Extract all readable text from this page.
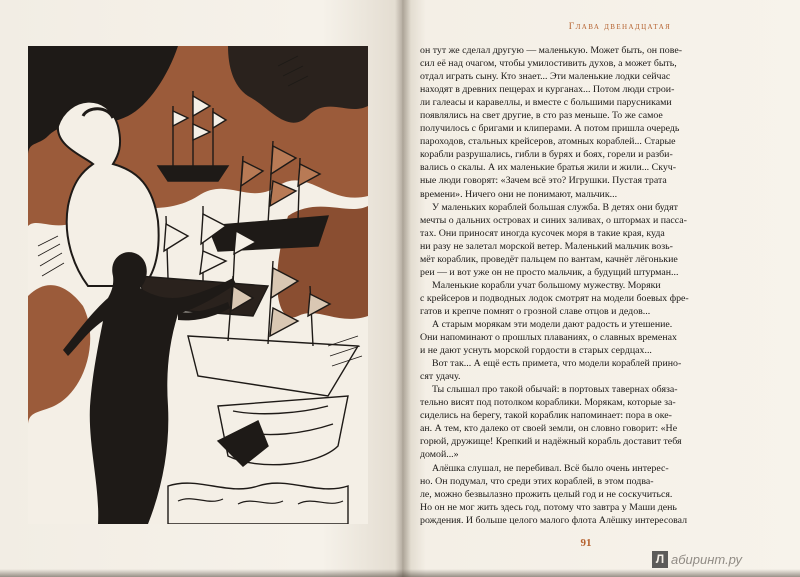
Глава двенадцатая
он тут же сделал другую — маленькую. Может быть, он пове-
сил её над очагом, чтобы умилостивить духов, а может быть,
отдал играть сыну. Кто знает... Эти маленькие лодки сейчас
находят в древних пещерах и курганах... Потом люди строи-
ли галеасы и каравеллы, и вместе с большими парусниками
появлялись на свет другие, в сто раз меньше. То же самое
получилось с бригами и клиперами. А потом пришла очередь
пароходов, стальных крейсеров, атомных кораблей... Старые
корабли разрушались, гибли в бурях и боях, горели и разби-
вались о скалы. А их маленькие братья жили и жили... Скуч-
ные люди говорят: «Зачем всё это? Игрушки. Пустая трата
времени». Ничего они не понимают, мальчик...
У маленьких кораблей большая служба. В детях они будят
мечты о дальних островах и синих заливах, о штормах и пасса-
тах. Они приносят иногда кусочек моря в такие края, куда
ни разу не залетал морской ветер. Маленький мальчик возь-
мёт кораблик, проведёт пальцем по вантам, качнёт лёгонькие
реи — и вот уже он не просто мальчик, а будущий штурман...
Маленькие корабли учат большому мужеству. Моряки
с крейсеров и подводных лодок смотрят на модели боевых фре-
гатов и крепче помнят о грозной славе отцов и дедов...
А старым морякам эти модели дают радость и утешение.
Они напоминают о прошлых плаваниях, о славных временах
и не дают уснуть морской гордости в старых сердцах...
Вот так... А ещё есть примета, что модели кораблей прино-
сят удачу.
Ты слышал про такой обычай: в портовых тавернах обяза-
тельно висят под потолком кораблики. Морякам, которые за-
сиделись на берегу, такой кораблик напоминает: пора в оке-
ан. А тем, кто далеко от своей земли, он словно говорит: «Не
горюй, дружище! Крепкий и надёжный корабль доставит тебя
домой...»
Алёшка слушал, не перебивал. Всё было очень интерес-
но. Он подумал, что среди этих кораблей, в этом подва-
ле, можно безвылазно прожить целый год и не соскучиться.
Но он не мог жить здесь год, потому что завтра у Маши день
рождения. И больше целого малого флота Алёшку интересовал
91
Л абиринт.ру
